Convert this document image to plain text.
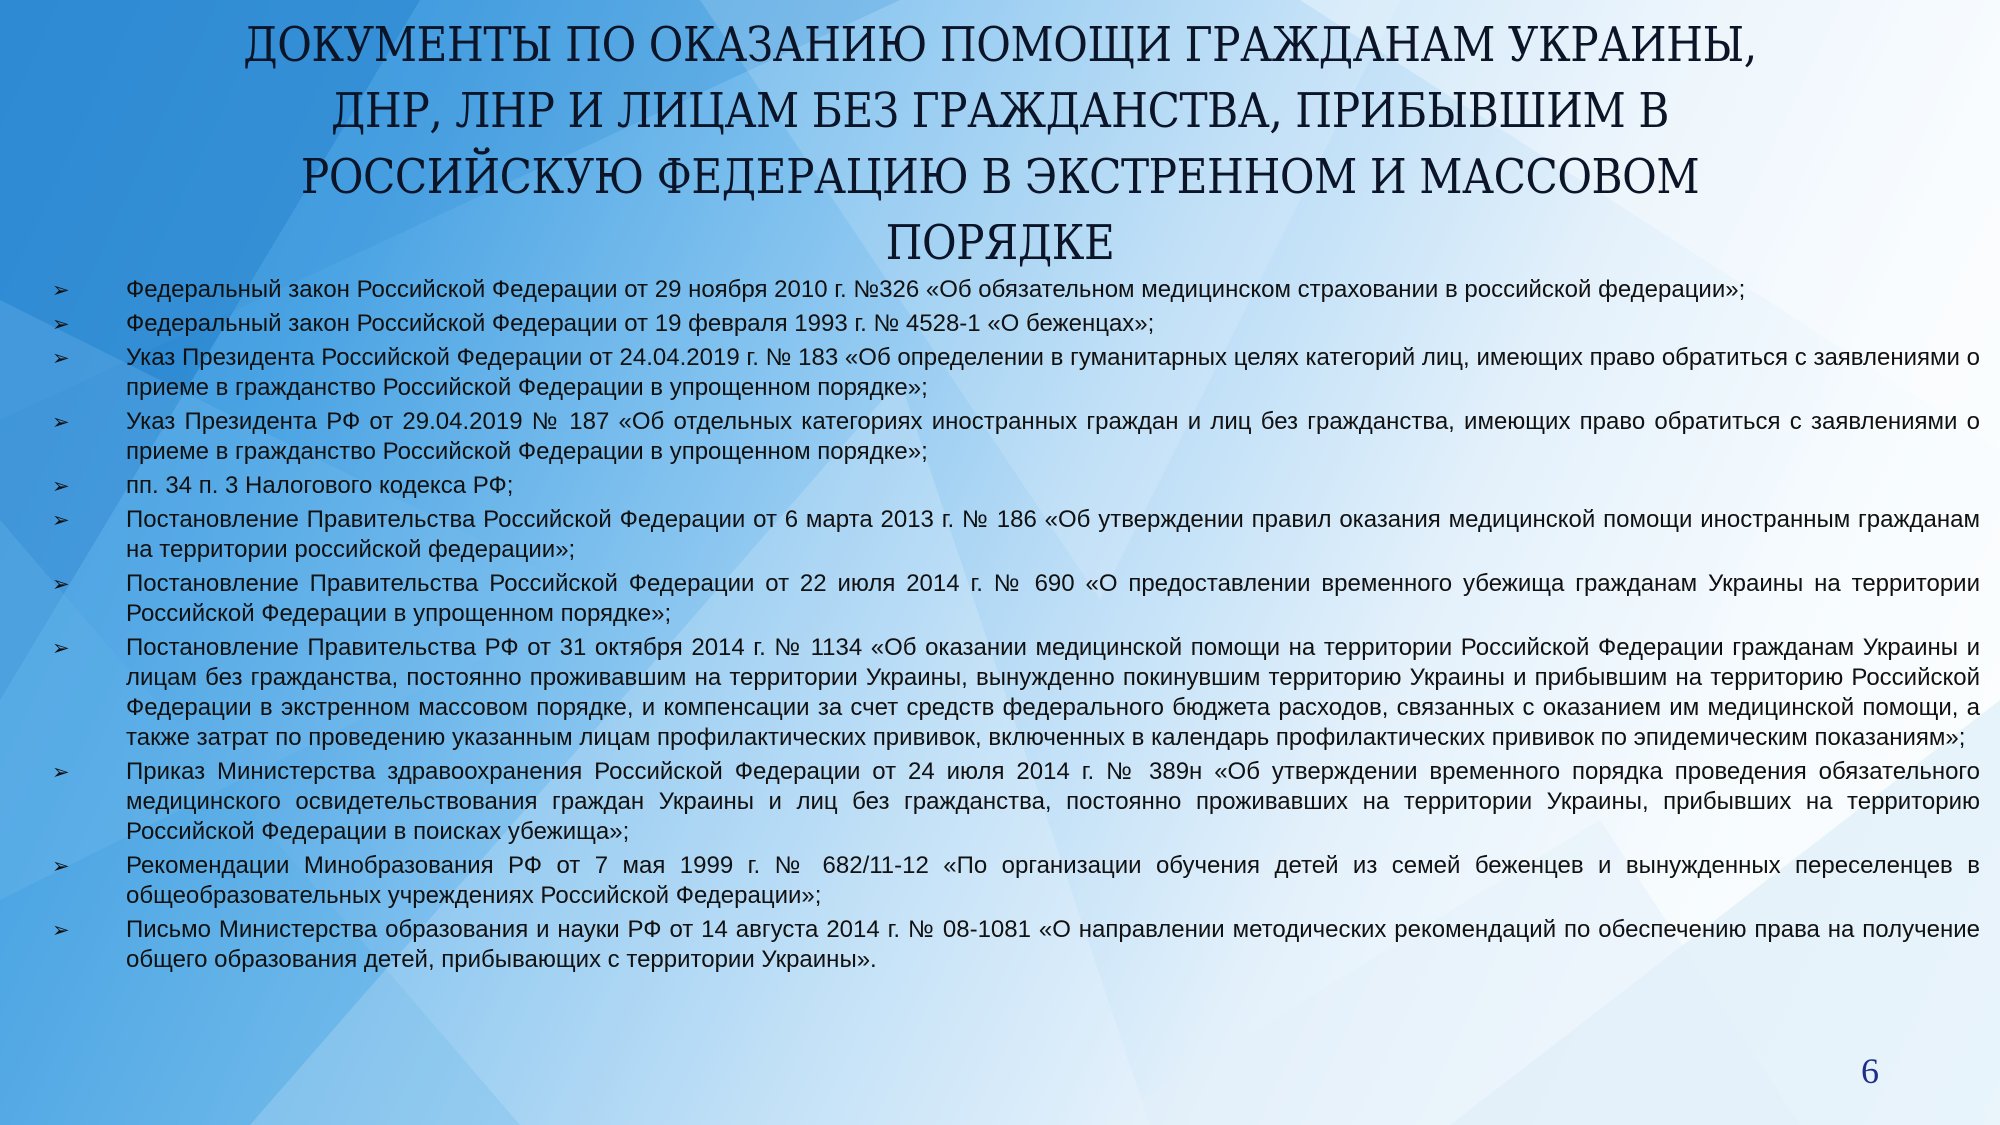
ДОКУМЕНТЫ ПО ОКАЗАНИЮ ПОМОЩИ ГРАЖДАНАМ УКРАИНЫ, ДНР, ЛНР И ЛИЦАМ БЕЗ ГРАЖДАНСТВА, ПРИБЫВШИМ В РОССИЙСКУЮ ФЕДЕРАЦИЮ В ЭКСТРЕННОМ И МАССОВОМ ПОРЯДКЕ
➢	Федеральный закон Российской Федерации от 29 ноября 2010 г. №326 «Об обязательном медицинском страховании в российской федерации»;
➢	Федеральный закон Российской Федерации от 19 февраля 1993 г. № 4528-1 «О беженцах»;
➢	Указ Президента Российской Федерации от 24.04.2019 г. № 183 «Об определении в гуманитарных целях категорий лиц, имеющих право обратиться с заявлениями о приеме в гражданство Российской Федерации в упрощенном порядке»;
➢	Указ Президента РФ от 29.04.2019 № 187 «Об отдельных категориях иностранных граждан и лиц без гражданства, имеющих право обратиться с заявлениями о приеме в гражданство Российской Федерации в упрощенном порядке»;
➢	пп. 34 п. 3 Налогового кодекса РФ;
➢	Постановление Правительства Российской Федерации от 6 марта 2013 г. № 186 «Об утверждении правил оказания медицинской помощи иностранным гражданам на территории российской федерации»;
➢	Постановление Правительства Российской Федерации от 22 июля 2014 г. № 690 «О предоставлении временного убежища гражданам Украины на территории Российской Федерации в упрощенном порядке»;
➢	Постановление Правительства РФ от 31 октября 2014 г. № 1134 «Об оказании медицинской помощи на территории Российской Федерации гражданам Украины и лицам без гражданства, постоянно проживавшим на территории Украины, вынужденно покинувшим территорию Украины и прибывшим на территорию Российской Федерации в экстренном массовом порядке, и компенсации за счет средств федерального бюджета расходов, связанных с оказанием им медицинской помощи, а также затрат по проведению указанным лицам профилактических прививок, включенных в календарь профилактических прививок по эпидемическим показаниям»;
➢	Приказ Министерства здравоохранения Российской Федерации от 24 июля 2014 г. № 389н «Об утверждении временного порядка проведения обязательного медицинского освидетельствования граждан Украины и лиц без гражданства, постоянно проживавших на территории Украины, прибывших на территорию Российской Федерации в поисках убежища»;
➢	Рекомендации Минобразования РФ от 7 мая 1999 г. № 682/11-12 «По организации обучения детей из семей беженцев и вынужденных переселенцев в общеобразовательных учреждениях Российской Федерации»;
➢	Письмо Министерства образования и науки РФ от 14 августа 2014 г. № 08-1081 «О направлении методических рекомендаций по обеспечению права на получение общего образования детей, прибывающих с территории Украины».
6
